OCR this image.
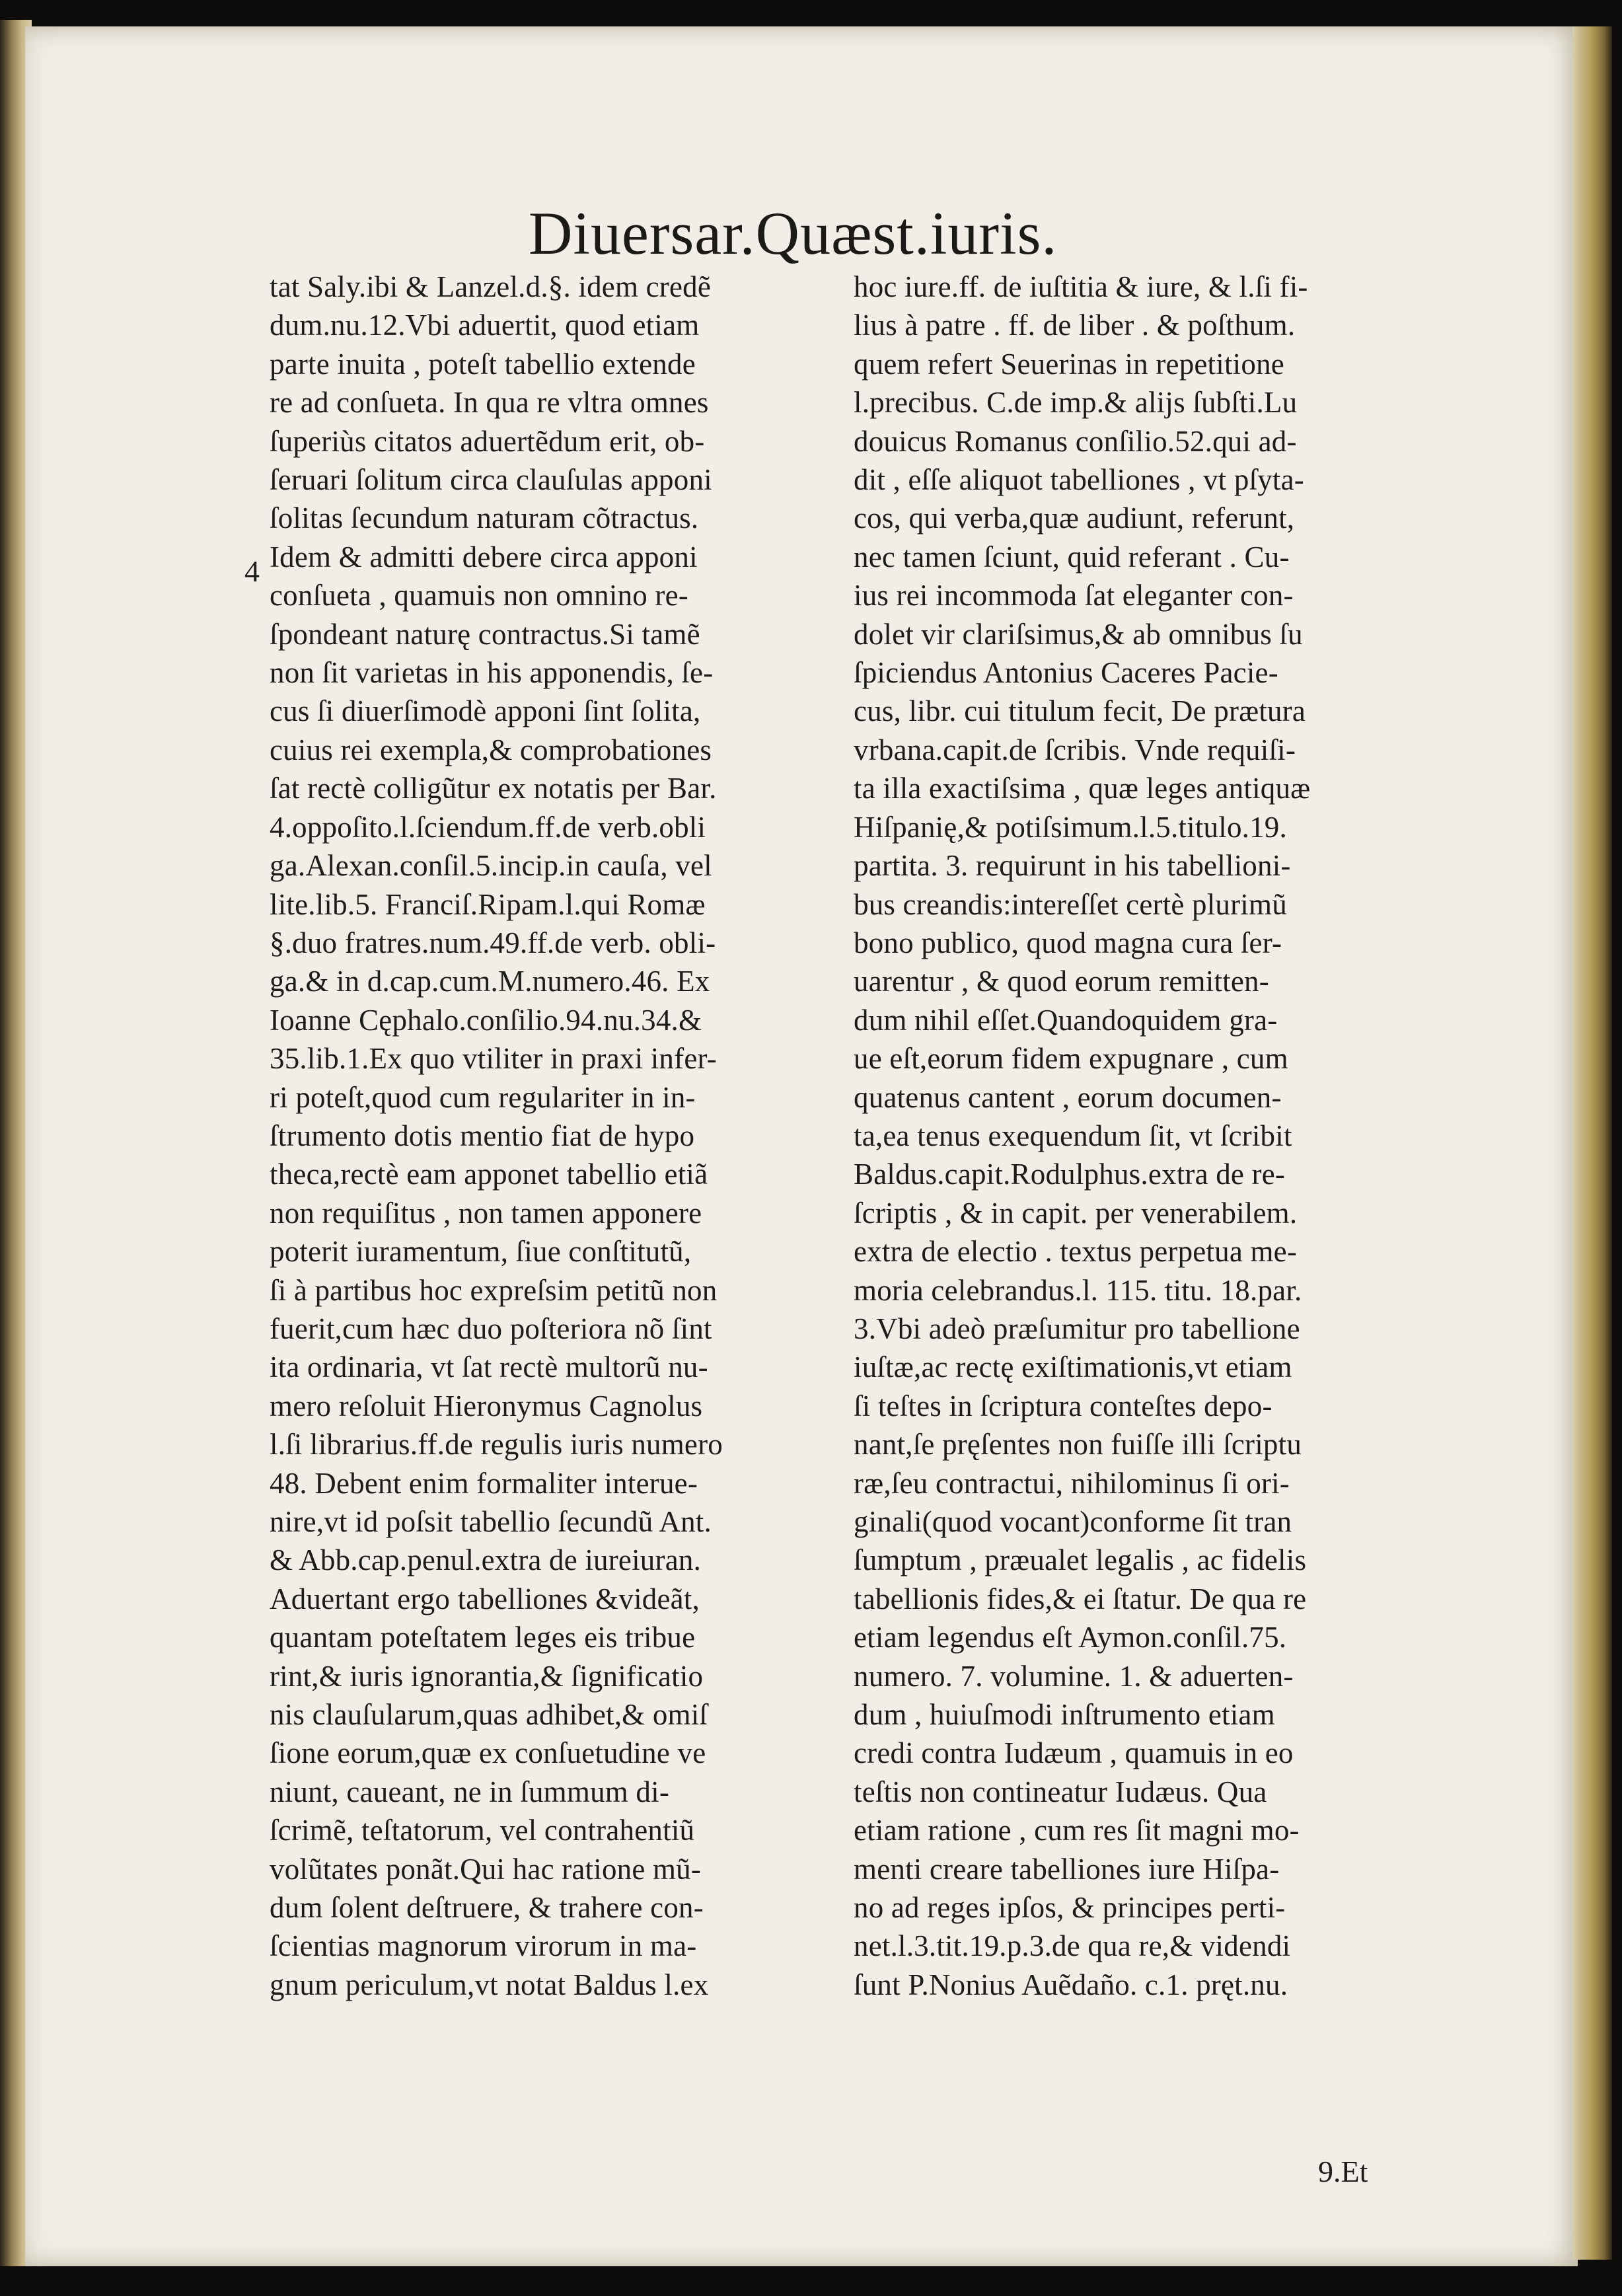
Diuersar.Quæst.iuris.
4
tat Saly.ibi & Lanzel.d.§. idem credẽ
dum.nu.12.Vbi aduertit, quod etiam
parte inuita , poteſt tabellio extende
re ad conſueta. In qua re vltra omnes
ſuperiùs citatos aduertẽdum erit, ob-
ſeruari ſolitum circa clauſulas apponi
ſolitas ſecundum naturam cõtractus.
Idem & admitti debere circa apponi
conſueta , quamuis non omnino re-
ſpondeant naturę contractus.Si tamẽ
non ſit varietas in his apponendis, ſe-
cus ſi diuerſimodè apponi ſint ſolita,
cuius rei exempla,& comprobationes
ſat rectè colligũtur ex notatis per Bar.
4.oppoſito.l.ſciendum.ff.de verb.obli
ga.Alexan.conſil.5.incip.in cauſa, vel
lite.lib.5. Franciſ.Ripam.l.qui Romæ
§.duo fratres.num.49.ff.de verb. obli-
ga.& in d.cap.cum.M.numero.46. Ex
Ioanne Cęphalo.conſilio.94.nu.34.&
35.lib.1.Ex quo vtiliter in praxi infer-
ri poteſt,quod cum regulariter in in-
ſtrumento dotis mentio fiat de hypo
theca,rectè eam apponet tabellio etiã
non requiſitus , non tamen apponere
poterit iuramentum, ſiue conſtitutũ,
ſi à partibus hoc expreſsim petitũ non
fuerit,cum hæc duo poſteriora nõ ſint
ita ordinaria, vt ſat rectè multorũ nu-
mero reſoluit Hieronymus Cagnolus
l.ſi librarius.ff.de regulis iuris numero
48. Debent enim formaliter interue-
nire,vt id poſsit tabellio ſecundũ Ant.
& Abb.cap.penul.extra de iureiuran.
Aduertant ergo tabelliones &videãt,
quantam poteſtatem leges eis tribue
rint,& iuris ignorantia,& ſignificatio
nis clauſularum,quas adhibet,& omiſ
ſione eorum,quæ ex conſuetudine ve
niunt, caueant, ne in ſummum di-
ſcrimẽ, teſtatorum, vel contrahentiũ
volũtates ponãt.Qui hac ratione mũ-
dum ſolent deſtruere, & trahere con-
ſcientias magnorum virorum in ma-
gnum periculum,vt notat Baldus l.ex
hoc iure.ff. de iuſtitia & iure, & l.ſi fi-
lius à patre . ff. de liber . & poſthum.
quem refert Seuerinas in repetitione
l.precibus. C.de imp.& alijs ſubſti.Lu
douicus Romanus conſilio.52.qui ad-
dit , eſſe aliquot tabelliones , vt pſyta-
cos, qui verba,quæ audiunt, referunt,
nec tamen ſciunt, quid referant . Cu-
ius rei incommoda ſat eleganter con-
dolet vir clariſsimus,& ab omnibus ſu
ſpiciendus Antonius Caceres Pacie-
cus, libr. cui titulum fecit, De prætura
vrbana.capit.de ſcribis. Vnde requiſi-
ta illa exactiſsima , quæ leges antiquæ
Hiſpanię,& potiſsimum.l.5.titulo.19.
partita. 3. requirunt in his tabellioni-
bus creandis:intereſſet certè plurimũ
bono publico, quod magna cura ſer-
uarentur , & quod eorum remitten-
dum nihil eſſet.Quandoquidem gra-
ue eſt,eorum fidem expugnare , cum
quatenus cantent , eorum documen-
ta,ea tenus exequendum ſit, vt ſcribit
Baldus.capit.Rodulphus.extra de re-
ſcriptis , & in capit. per venerabilem.
extra de electio . textus perpetua me-
moria celebrandus.l. 115. titu. 18.par.
3.Vbi adeò præſumitur pro tabellione
iuſtæ,ac rectę exiſtimationis,vt etiam
ſi teſtes in ſcriptura conteſtes depo-
nant,ſe pręſentes non fuiſſe illi ſcriptu
ræ,ſeu contractui, nihilominus ſi ori-
ginali(quod vocant)conforme ſit tran
ſumptum , præualet legalis , ac fidelis
tabellionis fides,& ei ſtatur. De qua re
etiam legendus eſt Aymon.conſil.75.
numero. 7. volumine. 1. & aduerten-
dum , huiuſmodi inſtrumento etiam
credi contra Iudæum , quamuis in eo
teſtis non contineatur Iudæus. Qua
etiam ratione , cum res ſit magni mo-
menti creare tabelliones iure Hiſpa-
no ad reges ipſos, & principes perti-
net.l.3.tit.19.p.3.de qua re,& videndi
ſunt P.Nonius Auẽdaño. c.1. pręt.nu.
9.Et
